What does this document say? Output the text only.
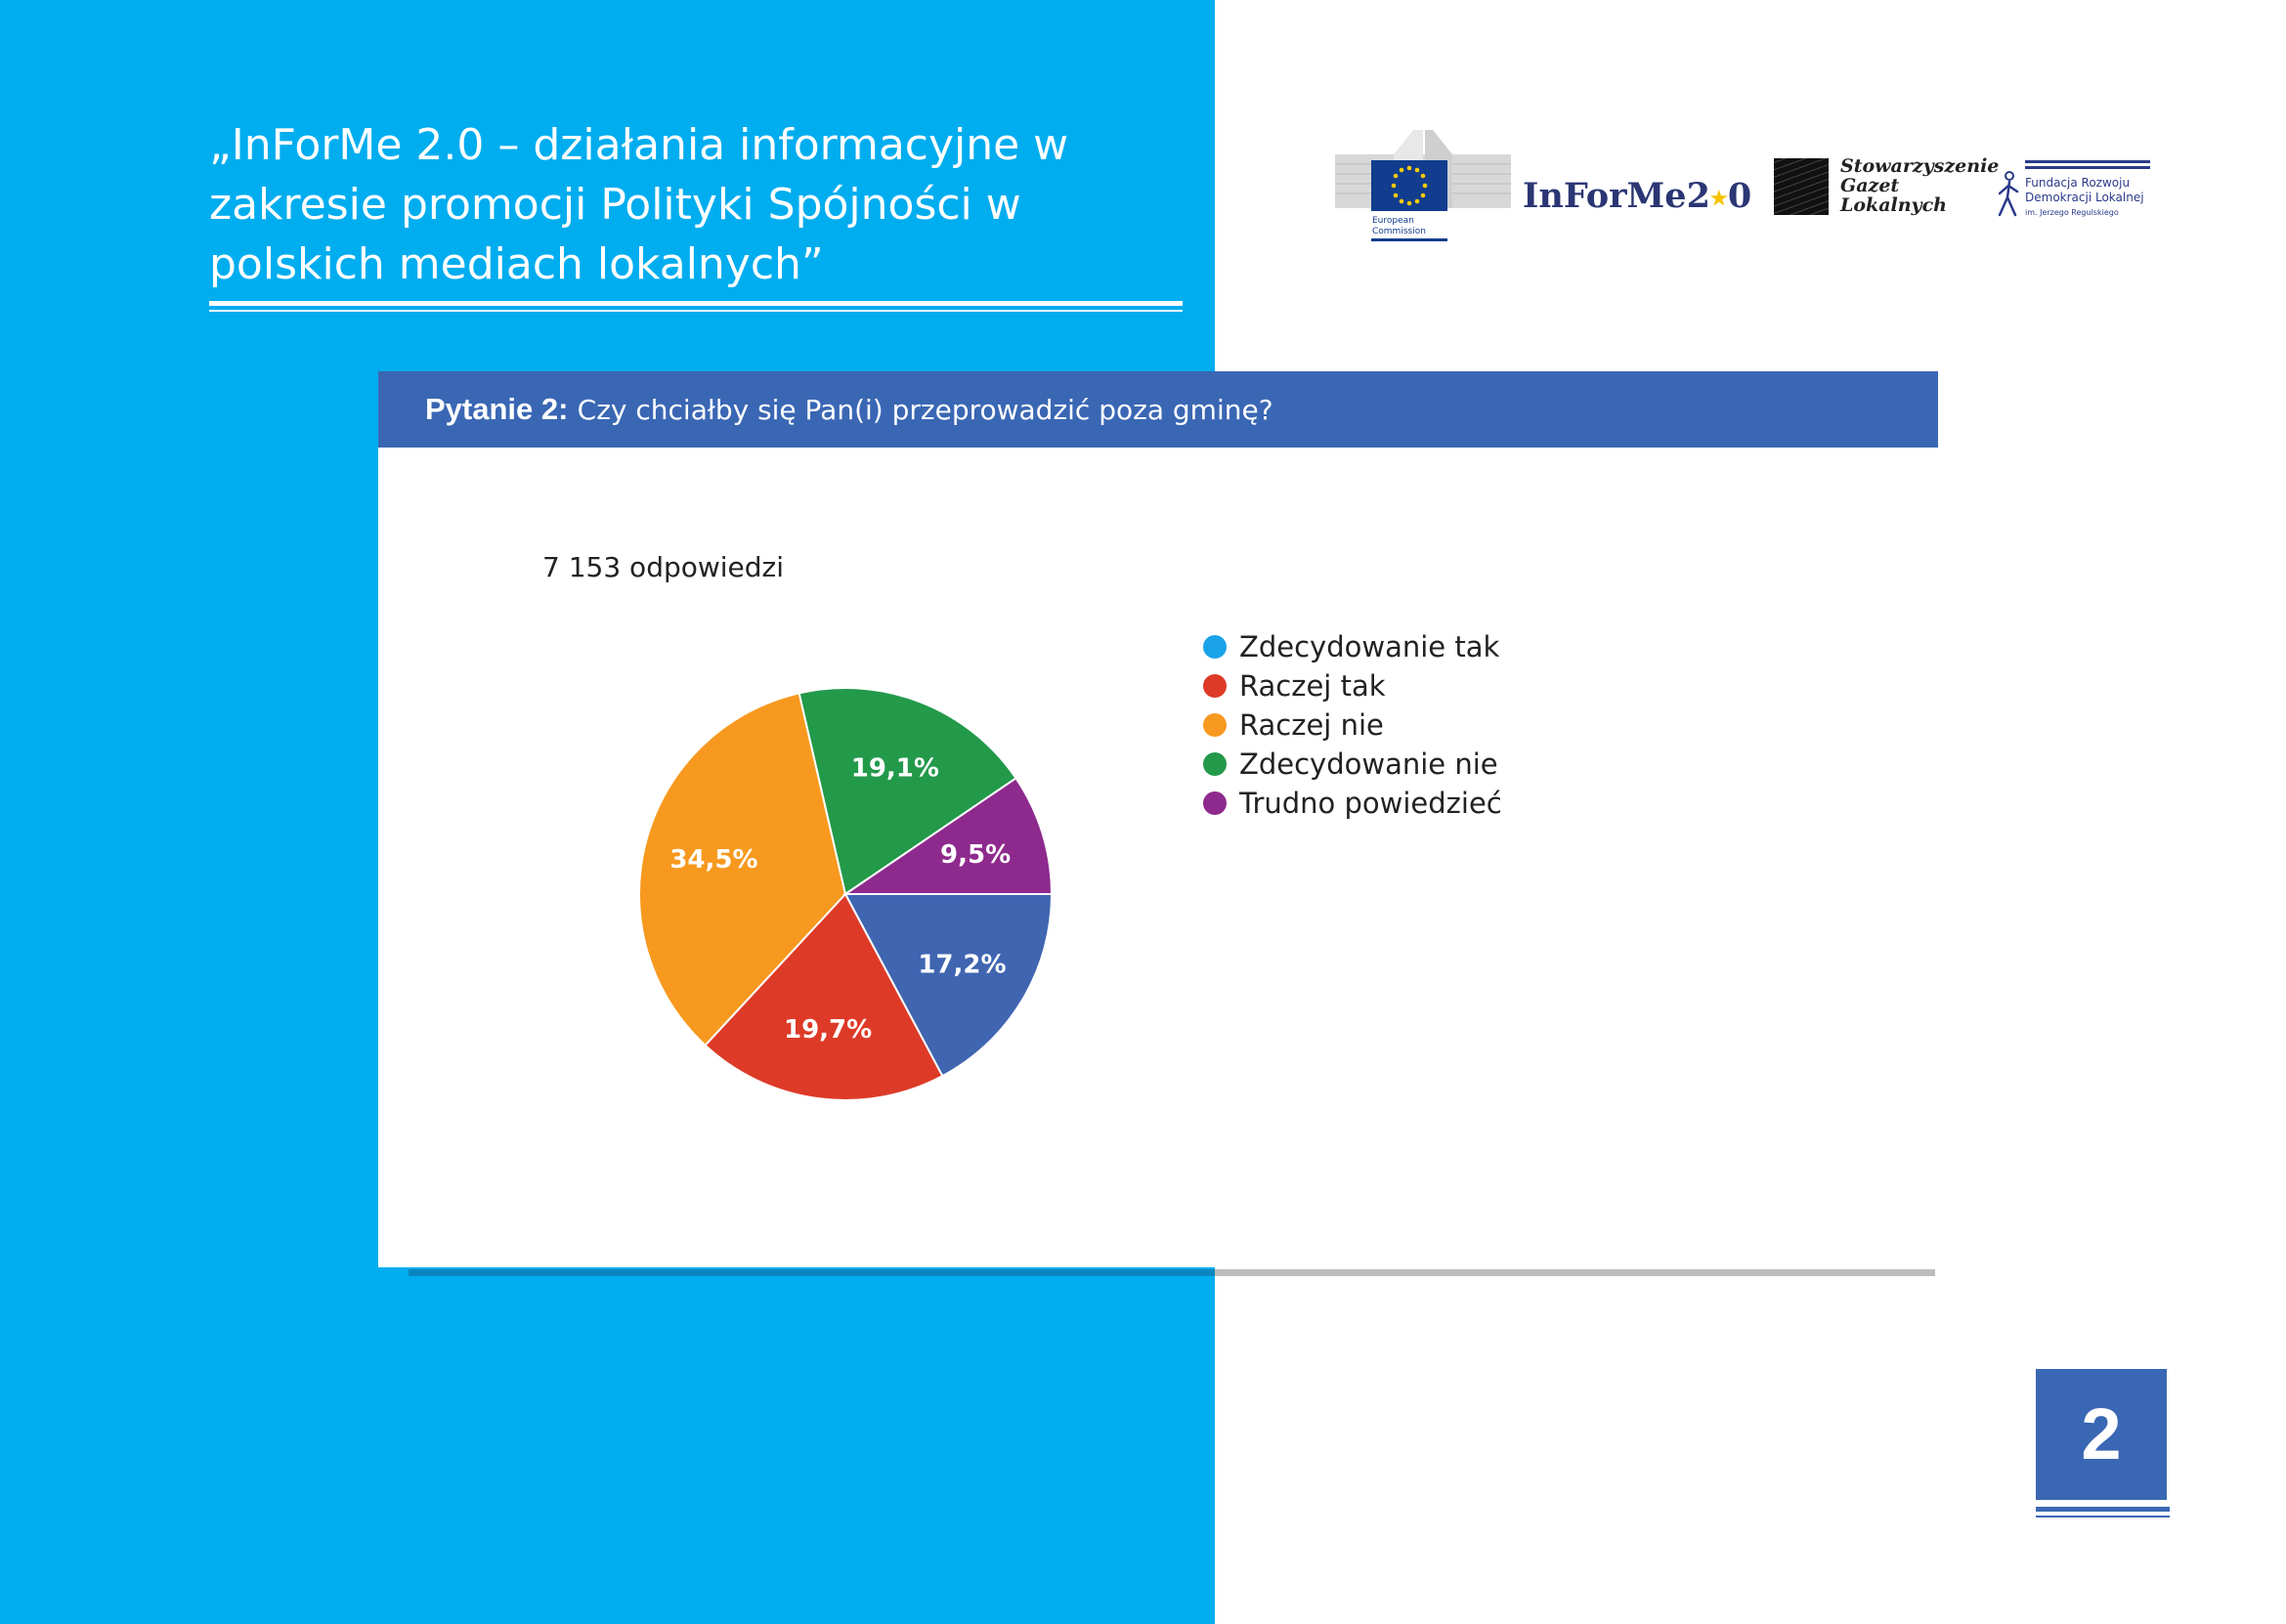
„InForMe 2.0 – działania informacyjne w zakresie promocji Polityki Spójności w polskich mediach lokalnych”
European
Commission
InForMe2★0
Stowarzyszenie
Gazet
Lokalnych
Fundacja Rozwoju
Demokracji Lokalnej
im. Jerzego Regulskiego
Pytanie 2: Czy chciałby się Pan(i) przeprowadzić poza gminę?
7 153 odpowiedzi
17,2%
19,7%
34,5%
19,1%
9,5%
Zdecydowanie tak
Raczej tak
Raczej nie
Zdecydowanie nie
Trudno powiedzieć
2
